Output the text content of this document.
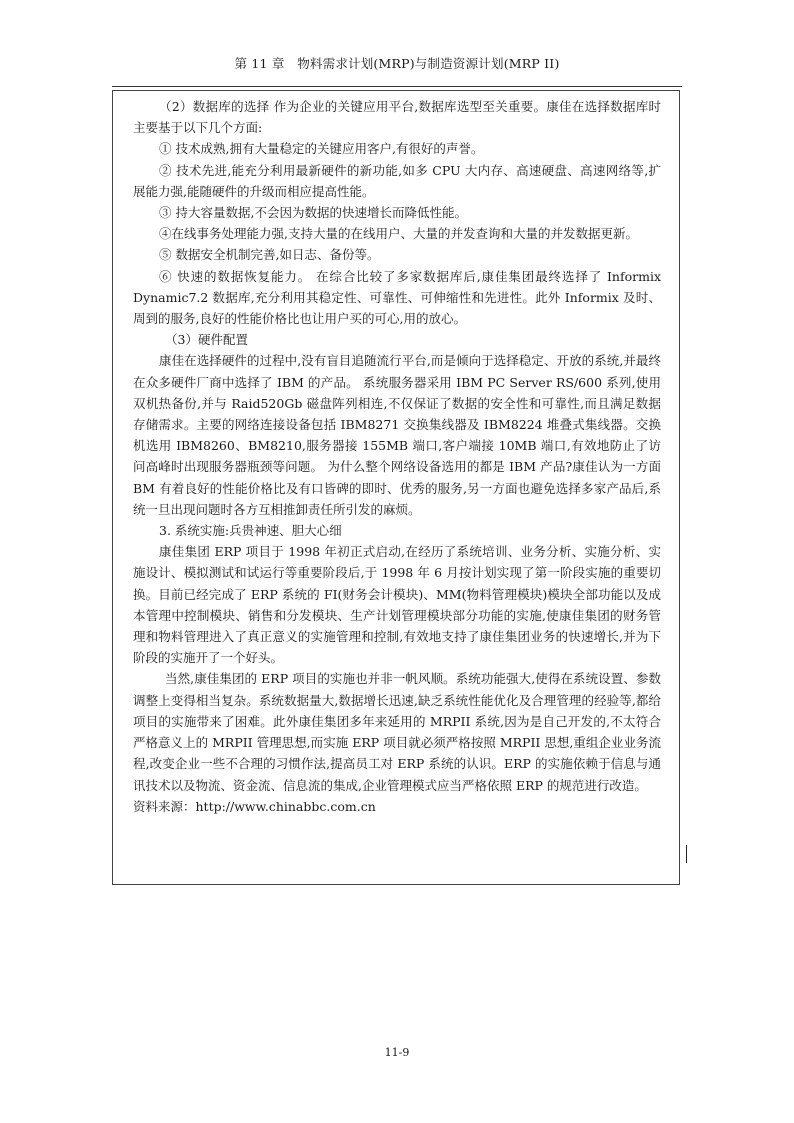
第 11 章　物料需求计划(MRP)与制造资源计划(MRP II)

（2）数据库的选择 作为企业的关键应用平台,数据库选型至关重要。康佳在选择数据库时主要基于以下几个方面:

① 技术成熟,拥有大量稳定的关键应用客户,有很好的声誉。

② 技术先进,能充分利用最新硬件的新功能,如多 CPU 大内存、高速硬盘、高速网络等,扩展能力强,能随硬件的升级而相应提高性能。

③ 持大容量数据,不会因为数据的快速增长而降低性能。

④在线事务处理能力强,支持大量的在线用户、大量的并发查询和大量的并发数据更新。

⑤ 数据安全机制完善,如日志、备份等。

⑥ 快速的数据恢复能力。 在综合比较了多家数据库后,康佳集团最终选择了 Informix Dynamic7.2 数据库,充分利用其稳定性、可靠性、可伸缩性和先进性。此外 Informix 及时、周到的服务,良好的性能价格比也让用户买的可心,用的放心。

（3）硬件配置

康佳在选择硬件的过程中,没有盲目追随流行平台,而是倾向于选择稳定、开放的系统,并最终在众多硬件厂商中选择了 IBM 的产品。 系统服务器采用 IBM PC Server RS/600 系列,使用双机热备份,并与 Raid520Gb 磁盘阵列相连,不仅保证了数据的安全性和可靠性,而且满足数据存储需求。主要的网络连接设备包括 IBM8271 交换集线器及 IBM8224 堆叠式集线器。交换机选用 IBM8260、BM8210,服务器接 155MB 端口,客户端接 10MB 端口,有效地防止了访问高峰时出现服务器瓶颈等问题。 为什么整个网络设备选用的都是 IBM 产品?康佳认为一方面 BM 有着良好的性能价格比及有口皆碑的即时、优秀的服务,另一方面也避免选择多家产品后,系统一旦出现问题时各方互相推卸责任所引发的麻烦。

3. 系统实施:兵贵神速、胆大心细

康佳集团 ERP 项目于 1998 年初正式启动,在经历了系统培训、业务分析、实施分析、实施设计、模拟测试和试运行等重要阶段后,于 1998 年 6 月按计划实现了第一阶段实施的重要切换。目前已经完成了 ERP 系统的 FI(财务会计模块)、MM(物料管理模块)模块全部功能以及成本管理中控制模块、销售和分发模块、生产计划管理模块部分功能的实施,使康佳集团的财务管理和物料管理进入了真正意义的实施管理和控制,有效地支持了康佳集团业务的快速增长,并为下阶段的实施开了一个好头。

当然,康佳集团的 ERP 项目的实施也并非一帆风顺。系统功能强大,使得在系统设置、参数调整上变得相当复杂。系统数据量大,数据增长迅速,缺乏系统性能优化及合理管理的经验等,都给项目的实施带来了困难。此外康佳集团多年来延用的 MRPII 系统,因为是自己开发的,不太符合严格意义上的 MRPII 管理思想,而实施 ERP 项目就必须严格按照 MRPII 思想,重组企业业务流程,改变企业一些不合理的习惯作法,提高员工对 ERP 系统的认识。ERP 的实施依赖于信息与通讯技术以及物流、资金流、信息流的集成,企业管理模式应当严格依照 ERP 的规范进行改造。

资料来源：http://www.chinabbc.com.cn

11-9
